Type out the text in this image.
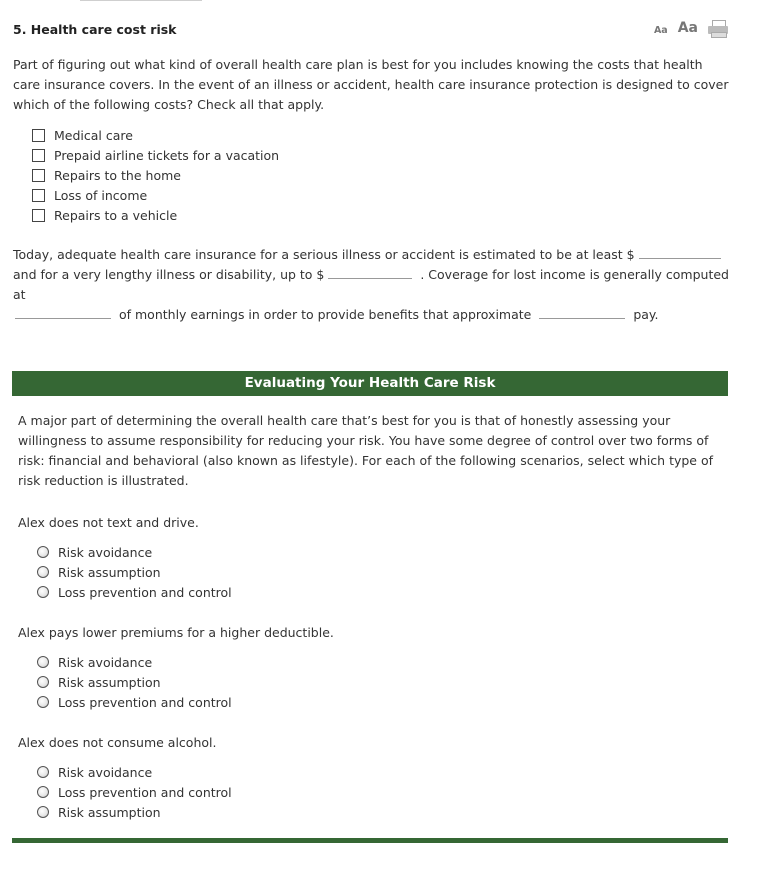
5. Health care cost risk	Aa Aa
Part of figuring out what kind of overall health care plan is best for you includes knowing the costs that health care insurance covers. In the event of an illness or accident, health care insurance protection is designed to cover which of the following costs? Check all that apply.
Medical care
Prepaid airline tickets for a vacation
Repairs to the home
Loss of income
Repairs to a vehicle
Today, adequate health care insurance for a serious illness or accident is estimated to be at least $
and for a very lengthy illness or disability, up to $	. Coverage for lost income is generally computed at
of monthly earnings in order to provide benefits that approximate	pay.
Evaluating Your Health Care Risk
A major part of determining the overall health care that’s best for you is that of honestly assessing your willingness to assume responsibility for reducing your risk. You have some degree of control over two forms of risk: financial and behavioral (also known as lifestyle). For each of the following scenarios, select which type of risk reduction is illustrated.
Alex does not text and drive.
Risk avoidance
Risk assumption
Loss prevention and control
Alex pays lower premiums for a higher deductible.
Risk avoidance
Risk assumption
Loss prevention and control
Alex does not consume alcohol.
Risk avoidance
Loss prevention and control
Risk assumption
